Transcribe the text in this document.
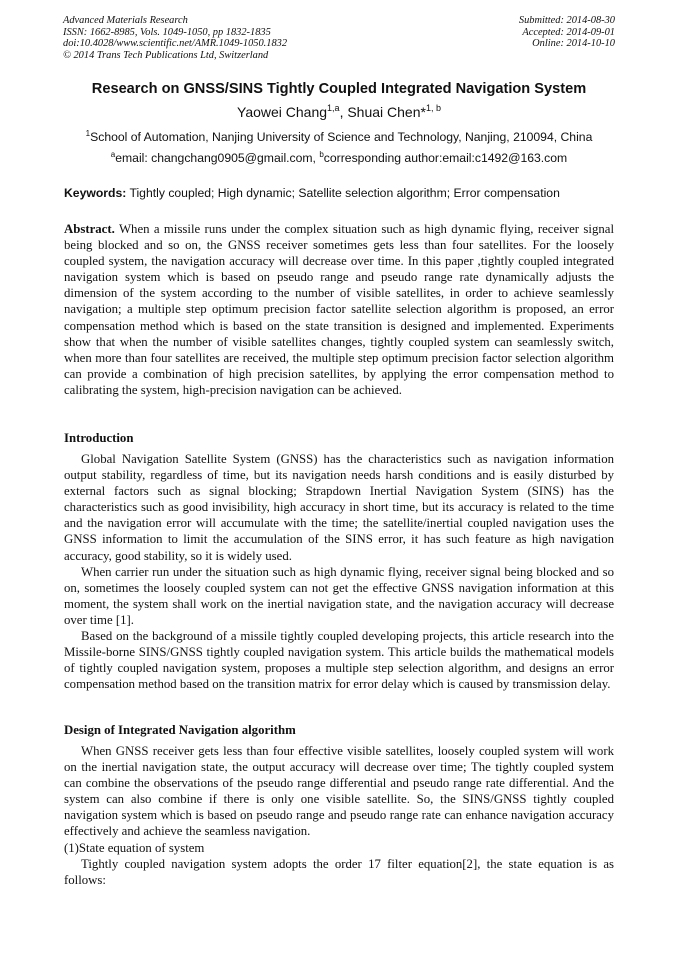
Advanced Materials Research
ISSN: 1662-8985, Vols. 1049-1050, pp 1832-1835
doi:10.4028/www.scientific.net/AMR.1049-1050.1832
© 2014 Trans Tech Publications Ltd, Switzerland
Submitted: 2014-08-30
Accepted: 2014-09-01
Online: 2014-10-10
Research on GNSS/SINS Tightly Coupled Integrated Navigation System
Yaowei Chang$^{1,a}$, Shuai Chen*$^{1, b}$
$^1$School of Automation, Nanjing University of Science and Technology, Nanjing, 210094, China
$^a$email: changchang0905@gmail.com, $^b$corresponding author:email:c1492@163.com
Keywords: Tightly coupled; High dynamic; Satellite selection algorithm; Error compensation

Abstract. When a missile runs under the complex situation such as high dynamic flying, receiver signal being blocked and so on, the GNSS receiver sometimes gets less than four satellites. For the loosely coupled system, the navigation accuracy will decrease over time. In this paper ,tightly coupled integrated navigation system which is based on pseudo range and pseudo range rate dynamically adjusts the dimension of the system according to the number of visible satellites, in order to achieve seamlessly navigation; a multiple step optimum precision factor satellite selection algorithm is proposed, an error compensation method which is based on the state transition is designed and implemented. Experiments show that when the number of visible satellites changes, tightly coupled system can seamlessly switch, when more than four satellites are received, the multiple step optimum precision factor selection algorithm can provide a combination of high precision satellites, by applying the error compensation method to calibrating the system, high-precision navigation can be achieved.

Introduction

Global Navigation Satellite System (GNSS) has the characteristics such as navigation information output stability, regardless of time, but its navigation needs harsh conditions and is easily disturbed by external factors such as signal blocking; Strapdown Inertial Navigation System (SINS) has the characteristics such as good invisibility, high accuracy in short time, but its accuracy is related to the time and the navigation error will accumulate with the time; the satellite/inertial coupled navigation uses the GNSS information to limit the accumulation of the SINS error, it has such feature as high navigation accuracy, good stability, so it is widely used.

When carrier run under the situation such as high dynamic flying, receiver signal being blocked and so on, sometimes the loosely coupled system can not get the effective GNSS navigation information at this moment, the system shall work on the inertial navigation state, and the navigation accuracy will decrease over time [1].

Based on the background of a missile tightly coupled developing projects, this article research into the Missile-borne SINS/GNSS tightly coupled navigation system. This article builds the mathematical models of tightly coupled navigation system, proposes a multiple step selection algorithm, and designs an error compensation method based on the transition matrix for error delay which is caused by transmission delay.

Design of Integrated Navigation algorithm

When GNSS receiver gets less than four effective visible satellites, loosely coupled system will work on the inertial navigation state, the output accuracy will decrease over time; The tightly coupled system can combine the observations of the pseudo range differential and pseudo range rate differential. And the system can also combine if there is only one visible satellite. So, the SINS/GNSS tightly coupled navigation system which is based on pseudo range and pseudo range rate can enhance navigation accuracy effectively and achieve the seamless navigation.

(1)State equation of system

Tightly coupled navigation system adopts the order 17 filter equation[2], the state equation is as follows:
